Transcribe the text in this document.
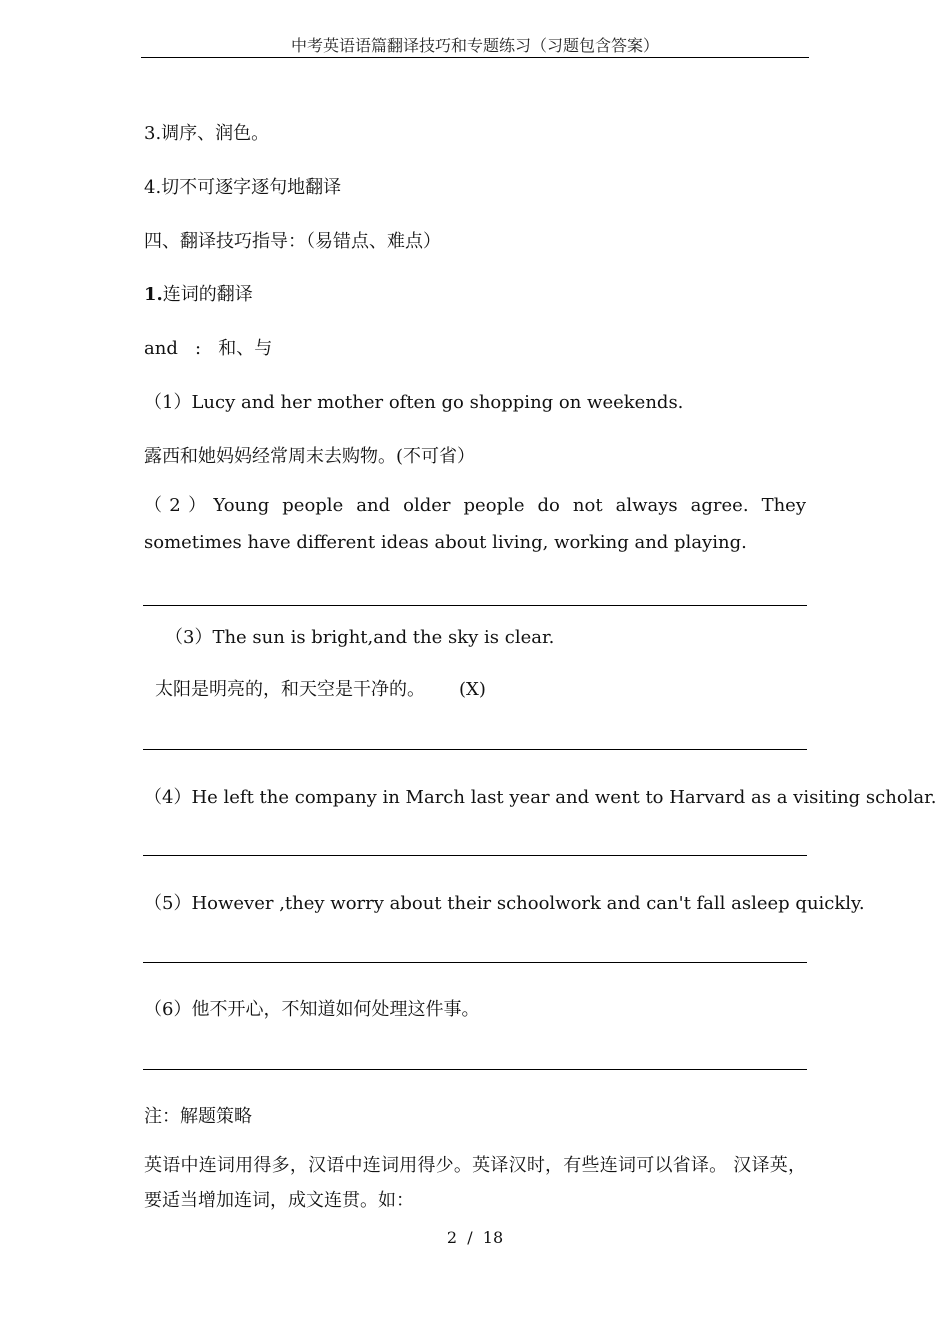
中考英语语篇翻译技巧和专题练习（习题包含答案）
3.调序、润色。
4.切不可逐字逐句地翻译
四、翻译技巧指导：（易错点、难点）
1.连词的翻译
and   :   和、与
（1）Lucy and her mother often go shopping on weekends.
露西和她妈妈经常周末去购物。(不可省）
（2）Young people and older people do not always agree. They sometimes have different ideas about living, working and playing.
（3）The sun is bright,and the sky is clear.
太阳是明亮的，和天空是干净的。 (X)
（4）He left the company in March last year and went to Harvard as a visiting scholar.
（5）However ,they worry about their schoolwork and can't fall asleep quickly.
（6）他不开心，不知道如何处理这件事。
注：解题策略
英语中连词用得多，汉语中连词用得少。英译汉时，有些连词可以省译。 汉译英，要适当增加连词，成文连贯。如：
2  /  18
